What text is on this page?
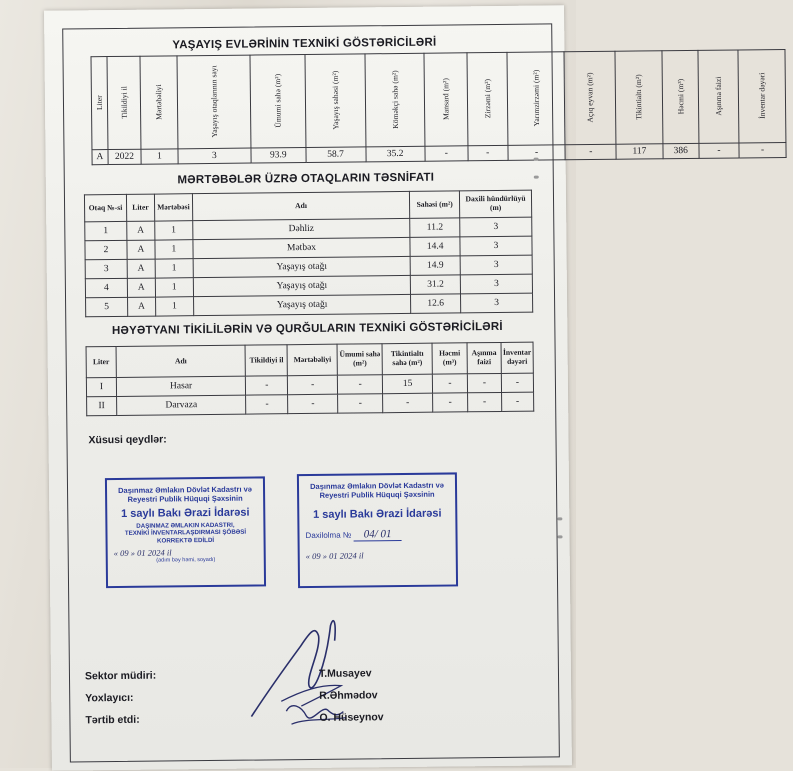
YAŞAYIŞ EVLƏRİNİN TEXNİKİ GÖSTƏRİCİLƏRİ
Liter	Tikildiyi il	Mərtəbəliyi	Yaşayış otaqlarının sayı	Ümumi sahə (m²)	Yaşayış sahəsi (m²)	Köməkçi sahə (m²)	Mansard (m²)	Zirzəmi (m²)	Yarımzirzəmi (m²)	Açıq eyvan (m²)	Tikintialtı (m²)	Həcmi (m³)	Aşınma faizi	İnventar dəyəri
A	2022	1	3	93.9	58.7	35.2	-	-	-	-	117	386	-	-
MƏRTƏBƏLƏR ÜZRƏ OTAQLARIN TƏSNİFATI
Otaq №-si	Liter	Mərtəbəsi	Adı	Sahəsi (m²)	Daxili hündürlüyü (m)
1	A	1	Dəhliz	11.2	3
2	A	1	Mətbəx	14.4	3
3	A	1	Yaşayış otağı	14.9	3
4	A	1	Yaşayış otağı	31.2	3
5	A	1	Yaşayış otağı	12.6	3
HƏYƏTYANI TİKİLİLƏRİN VƏ QURĞULARIN TEXNİKİ GÖSTƏRİCİLƏRİ
Liter	Adı	Tikildiyi il	Mərtəbəliyi	Ümumi sahə (m²)	Tikintialtı sahə (m²)	Həcmi (m³)	Aşınma faizi	İnventar dəyəri
I	Hasar	-	-	-	15	-	-	-
II	Darvaza	-	-	-	-	-	-	-
Xüsusi qeydlər:
Daşınmaz Əmlakın Dövlət Kadastrı və
Reyestri Publik Hüquqi Şəxsinin
1 saylı Bakı Ərazi İdarəsi
DAŞINMAZ ƏMLAKIN KADASTRI,
TEXNİKİ İNVENTARLAŞDIRMASI ŞÖBƏSİ
KORREKTƏ EDİLDİ
« 09 » 01 2024 il
(adım bəy həmi, soyadı)
Daşınmaz Əmlakın Dövlət Kadastrı və
Reyestri Publik Hüquqi Şəxsinin
1 saylı Bakı Ərazi İdarəsi
Daxilolma № 04/ 01
« 09 » 01 2024 il
Sektor müdiri:	T.Musayev
Yoxlayıcı:	R.Əhmədov
Tərtib etdi:	O. Hüseynov
